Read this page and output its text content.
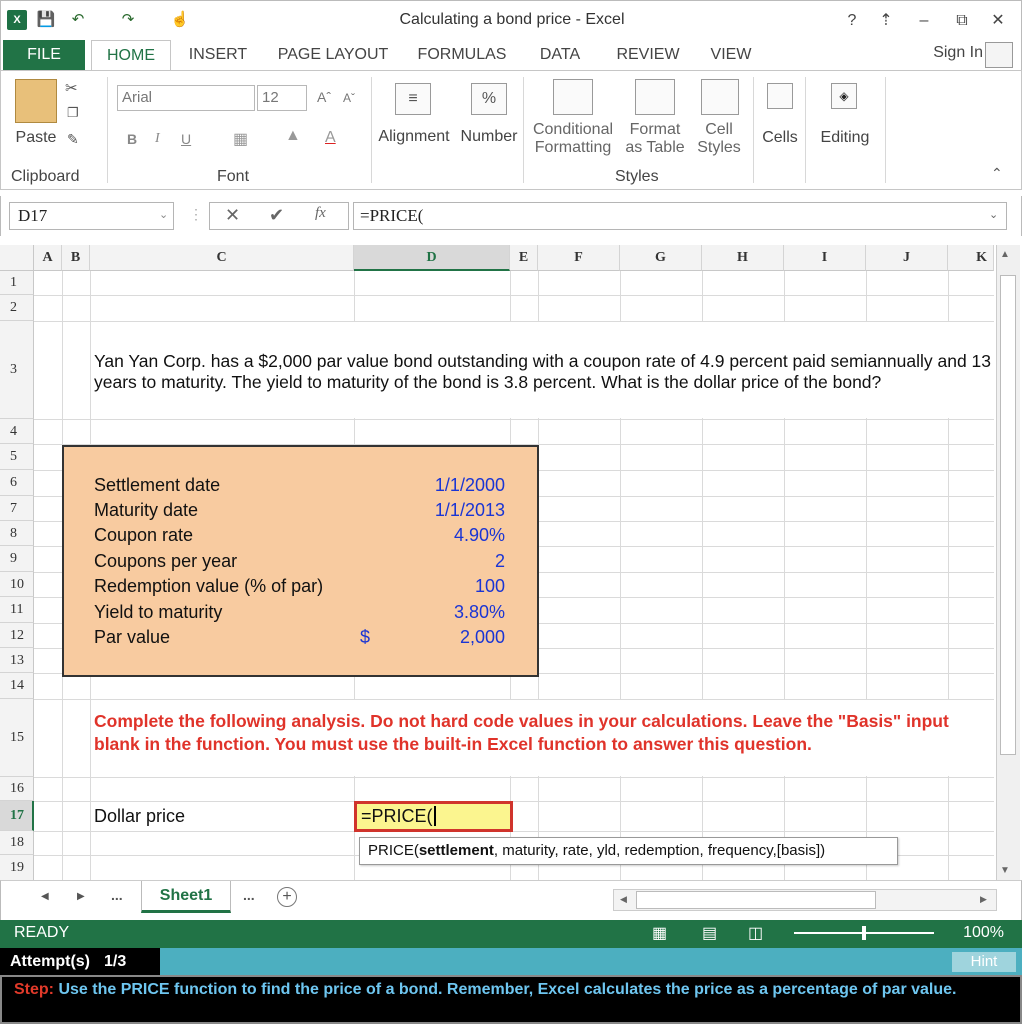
X	💾	↶	↷	☝	Calculating a bond price - Excel	?	⇡	–	⧉	✕
FILE	HOME	INSERT	PAGE LAYOUT	FORMULAS	DATA	REVIEW	VIEW	Sign In
Paste
✂
❐
✎
Clipboard
Arial	12	Aˆ Aˇ
B I U	▦ ▲ A
Font
≡
Alignment
%
Number Conditional
Formatting
Format
as Table
Cell
Styles
Styles
Cells
◈
Editing
⌃
D17	⌄ ⋮ ✕ ✔ fx	=PRICE(	⌄
A	B	C	D	E	F	G	H	I	J	K
1
2
3
4
5
6
7
8
9
10
11
12
13
14
15
16
17
18
19
Yan Yan Corp. has a $2,000 par value bond outstanding with a coupon rate of 4.9 percent paid semiannually and 13 years to maturity. The yield to maturity of the bond is 3.8 percent. What is the dollar price of the bond?
Settlement date	1/1/2000
Maturity date	1/1/2013
Coupon rate	4.90%
Coupons per year	2
Redemption value (% of par)	100
Yield to maturity	3.80%
Par value	$	2,000
Complete the following analysis. Do not hard code values in your calculations. Leave the "Basis" input blank in the function. You must use the built-in Excel function to answer this question.
Dollar price	=PRICE(
PRICE(settlement, maturity, rate, yld, redemption, frequency,[basis])
▲
▼
◀	▶ ...	Sheet1	...	+	◀	▶
READY	▦ ▤ ◫	100%
Attempt(s) 1/3	Hint
Step: Use the PRICE function to find the price of a bond. Remember, Excel calculates the price as a percentage of par value.
